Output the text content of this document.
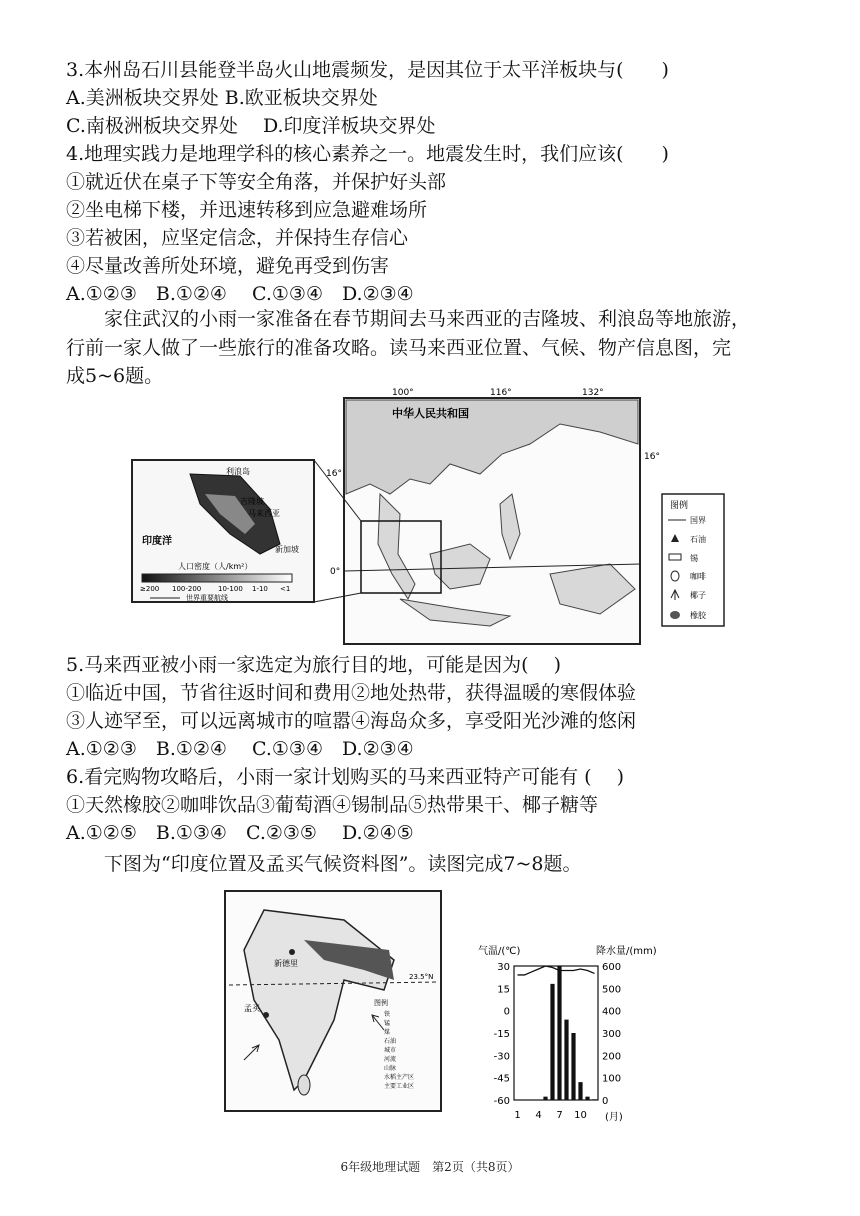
3.本州岛石川县能登半岛火山地震频发，是因其位于太平洋板块与(　　)
A.美洲板块交界处 B.欧亚板块交界处
C.南极洲板块交界处　 D.印度洋板块交界处
4.地理实践力是地理学科的核心素养之一。地震发生时，我们应该(　　)
①就近伏在桌子下等安全角落，并保护好头部
②坐电梯下楼，并迅速转移到应急避难场所
③若被困，应坚定信念，并保持生存信心
④尽量改善所处环境，避免再受到伤害
A.①②③　B.①②④　 C.①③④　D.②③④
家住武汉的小雨一家准备在春节期间去马来西亚的吉隆坡、利浪岛等地旅游，
行前一家人做了一些旅行的准备攻略。读马来西亚位置、气候、物产信息图，完
成5~6题。
100°	116°	132°
16°
16°
0°
中华人民共和国
利浪岛
吉隆坡
马来西亚
新加坡
印度洋
人口密度（人/km²）
≥200 100-200 10-100 1-10 <1
世界重要航线
图例
国界
石油
锡
咖啡
椰子
橡胶
5.马来西亚被小雨一家选定为旅行目的地，可能是因为(　 )
①临近中国，节省往返时间和费用②地处热带，获得温暖的寒假体验
③人迹罕至，可以远离城市的喧嚣④海岛众多，享受阳光沙滩的悠闲
A.①②③　B.①②④　 C.①③④　D.②③④
6.看完购物攻略后，小雨一家计划购买的马来西亚特产可能有 (　 )
①天然橡胶②咖啡饮品③葡萄酒④锡制品⑤热带果干、椰子糖等
A.①②⑤　B.①③④　C.②③⑤　 D.②④⑤
下图为“印度位置及孟买气候资料图”。读图完成7~8题。
23.5°N
新德里
孟买
图例
铁
锰
煤
石油
城市
河流
山脉
水稻主产区
主要工业区
气温/(℃)	降水量/(mm)
30
15
0
-15
-30
-45
-60
600
500
400
300
200
100
0
1 4 7 10 (月)
6年级地理试题　第2页（共8页）
